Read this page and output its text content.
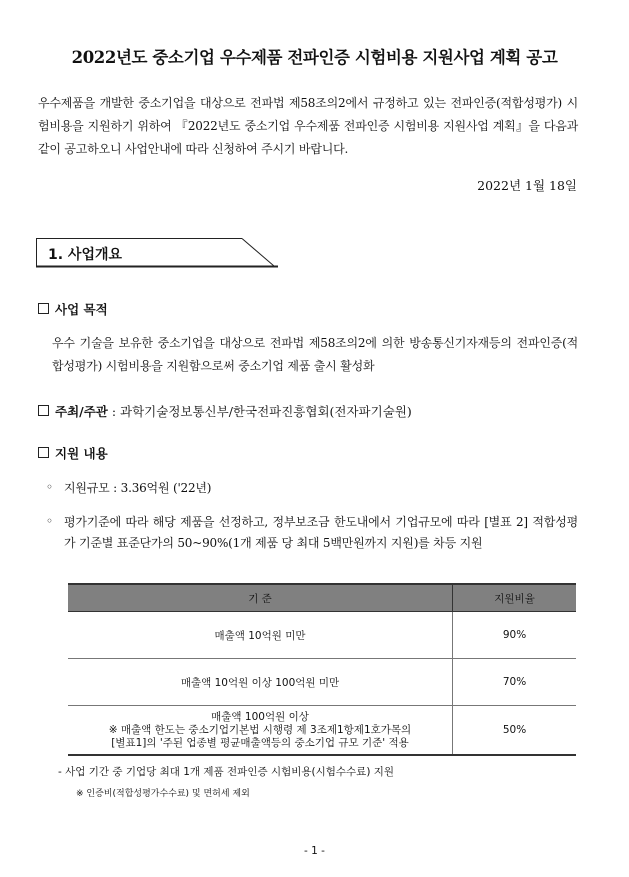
2022년도 중소기업 우수제품 전파인증 시험비용 지원사업 계획 공고

우수제품을 개발한 중소기업을 대상으로 전파법 제58조의2에서 규정하고 있는 전파인증(적합성평가) 시험비용을 지원하기 위하여 『2022년도 중소기업 우수제품 전파인증 시험비용 지원사업 계획』을 다음과 같이 공고하오니 사업안내에 따라 신청하여 주시기 바랍니다.

2022년 1월 18일
1. 사업개요
사업 목적

우수 기술을 보유한 중소기업을 대상으로 전파법 제58조의2에 의한 방송통신기자재등의 전파인증(적합성평가) 시험비용을 지원함으로써 중소기업 제품 출시 활성화

주최/주관 : 과학기술정보통신부/한국전파진흥협회(전자파기술원)
지원 내용
◦ 지원규모 : 3.36억원 ('22년)

◦ 평가기준에 따라 해당 제품을 선정하고, 정부보조금 한도내에서 기업규모에 따라 [별표 2] 적합성평가 기준별 표준단가의 50~90%(1개 제품 당 최대 5백만원까지 지원)를 차등 지원

기 준	지원비율
매출액 10억원 미만	90%
매출액 10억원 이상 100억원 미만	70%

매출액 100억원 이상
※ 매출액 한도는 중소기업기본법 시행령 제 3조제1항제1호가목의
[별표1]의 '주된 업종별 평균매출액등의 중소기업 규모 기준' 적용	50%
- 사업 기간 중 기업당 최대 1개 제품 전파인증 시험비용(시험수수료) 지원
※ 인증비(적합성평가수수료) 및 면허세 제외
- 1 -
